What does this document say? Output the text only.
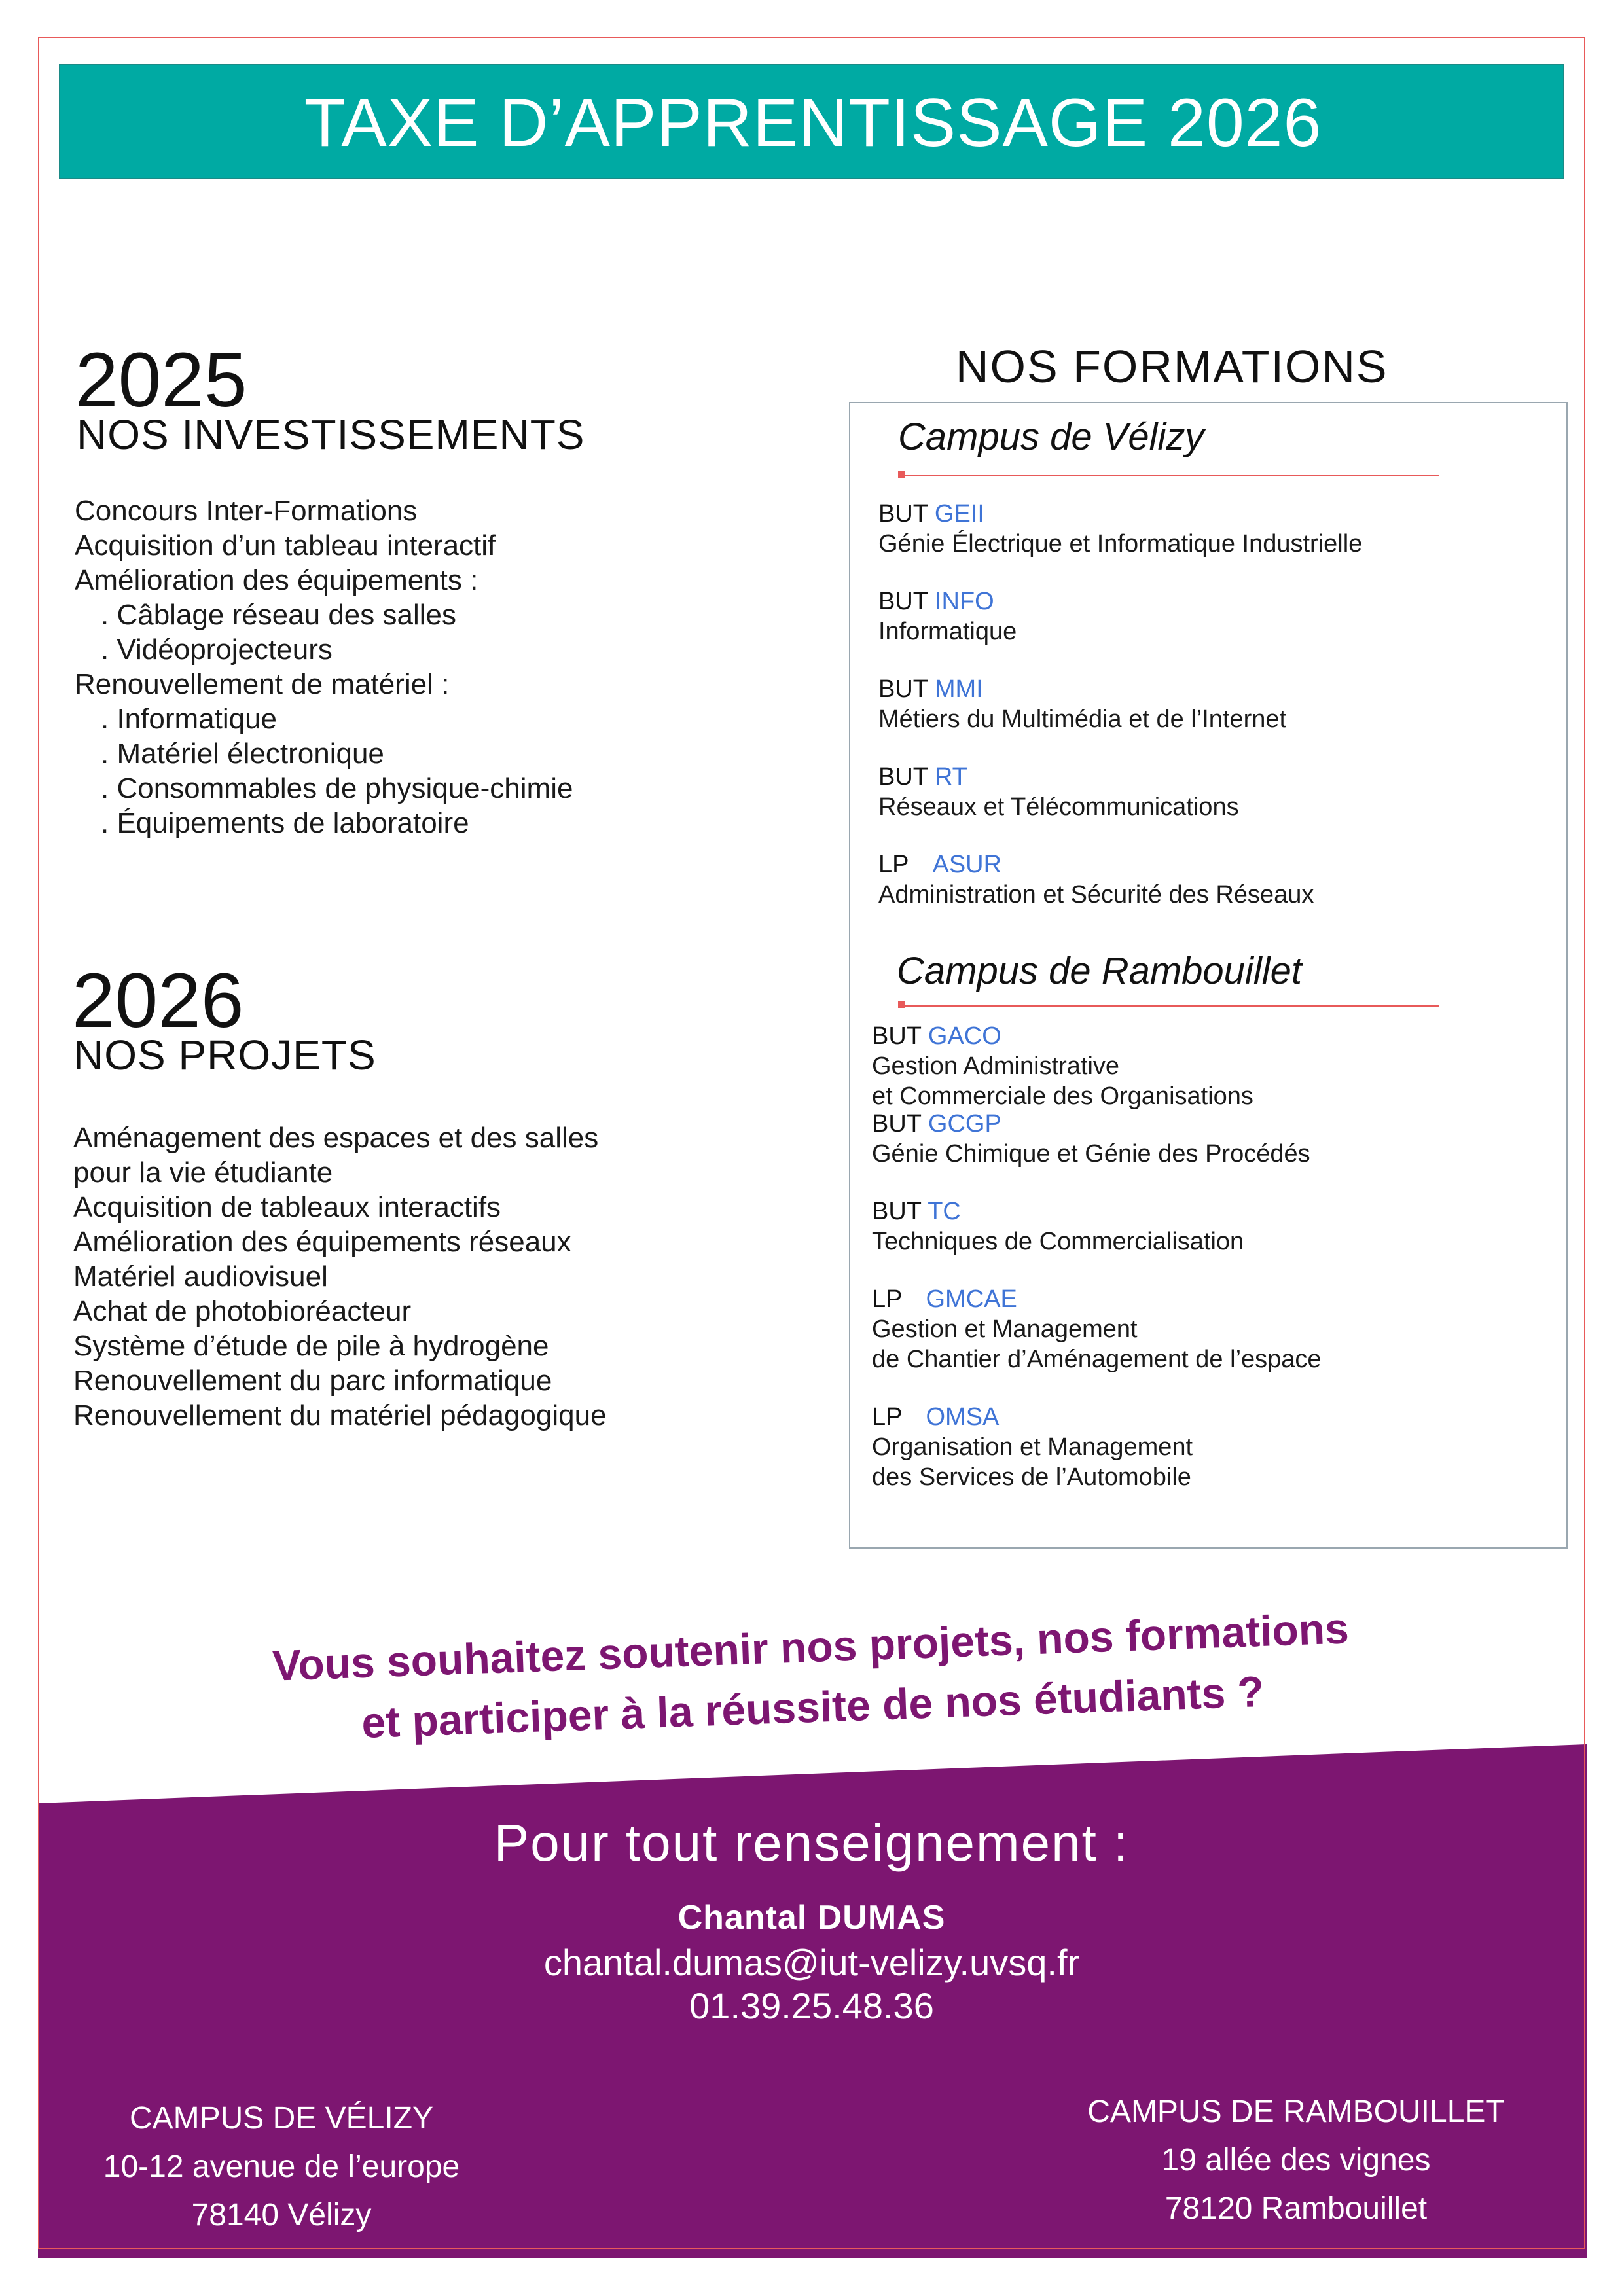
TAXE D’APPRENTISSAGE 2026
2025
NOS INVESTISSEMENTS
Concours Inter-Formations
Acquisition d’un tableau interactif
Amélioration des équipements :
. Câblage réseau des salles
. Vidéoprojecteurs
Renouvellement de matériel :
. Informatique
. Matériel électronique
. Consommables de physique-chimie
. Équipements de laboratoire
2026
NOS PROJETS
Aménagement des espaces et des salles
pour la vie étudiante
Acquisition de tableaux interactifs
Amélioration des équipements réseaux
Matériel audiovisuel
Achat de photobioréacteur
Système d’étude de pile à hydrogène
Renouvellement du parc informatique
Renouvellement du matériel pédagogique
NOS FORMATIONS
Campus de Vélizy
Campus de Rambouillet
BUT GEII
Génie Électrique et Informatique Industrielle
BUT INFO
Informatique
BUT MMI
Métiers du Multimédia et de l’Internet
BUT RT
Réseaux et Télécommunications
LP ASUR
Administration et Sécurité des Réseaux
BUT GACO
Gestion Administrative
et Commerciale des Organisations
BUT GCGP
Génie Chimique et Génie des Procédés
BUT TC
Techniques de Commercialisation
LP GMCAE
Gestion et Management
de Chantier d’Aménagement de l’espace
LP OMSA
Organisation et Management
des Services de l’Automobile
Vous souhaitez soutenir nos projets, nos formations
et participer à la réussite de nos étudiants ?
Pour tout renseignement :
Chantal DUMAS
chantal.dumas@iut-velizy.uvsq.fr
01.39.25.48.36
CAMPUS DE VÉLIZY
10-12 avenue de l’europe
78140 Vélizy
CAMPUS DE RAMBOUILLET
19 allée des vignes
78120 Rambouillet
